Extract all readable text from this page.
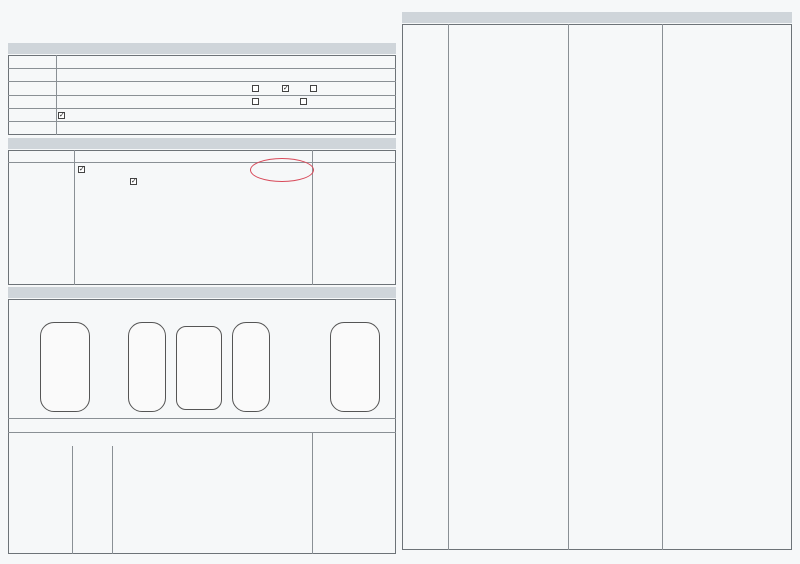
✓
✓
✓
✓
